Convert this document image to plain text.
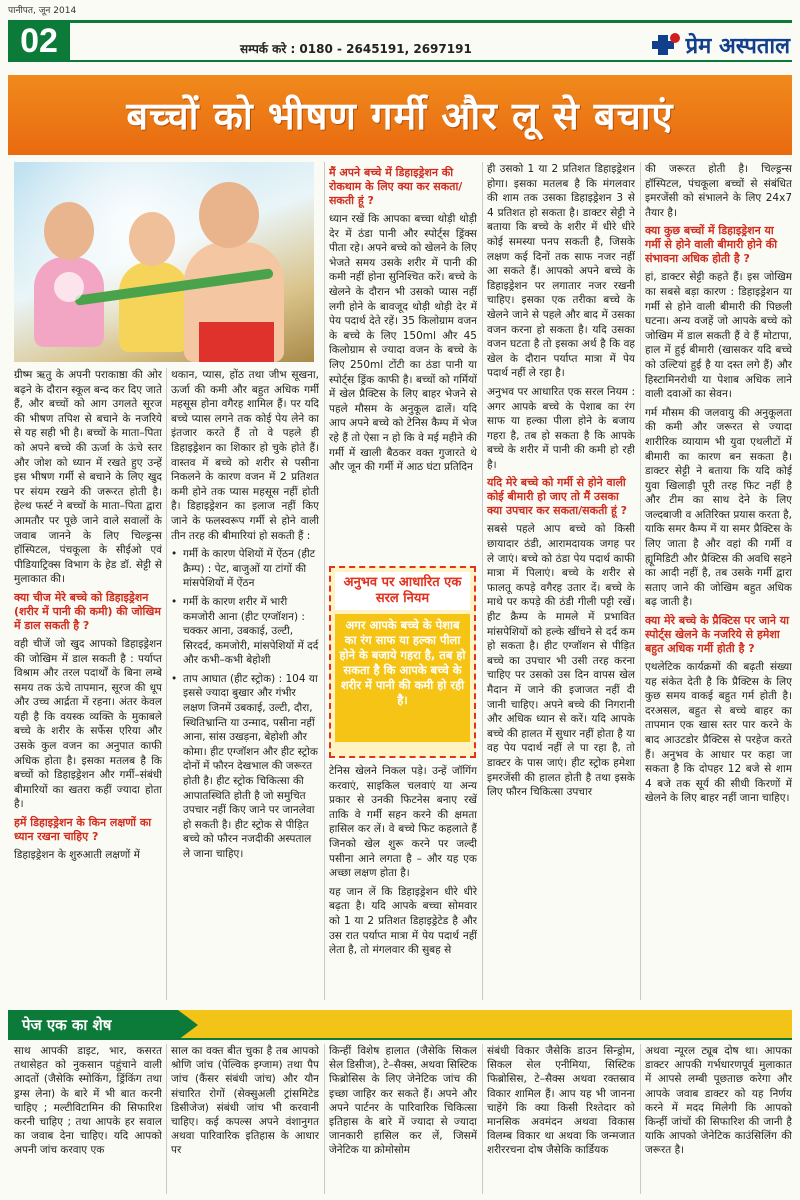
पानीपत, जून 2014
02	सम्पर्क करे : 0180 - 2645191, 2697191	प्रेम अस्पताल
बच्चों को भीषण गर्मी और लू से बचाएं

ग्रीष्म ऋतु के अपनी पराकाष्ठा की ओर बढ़ने के दौरान स्कूल बन्द कर दिए जाते हैं, और बच्चों को आग उगलते सूरज की भीषण तपिश से बचाने के नजरिये से यह सही भी है। बच्चों के माता–पिता को अपने बच्चे की ऊर्जा के ऊंचे स्तर और जोश को ध्यान में रखते हुए उन्हें इस भीषण गर्मी से बचाने के लिए खुद पर संयम रखने की जरूरत होती है। हेल्थ फर्स्ट ने बच्चों के माता–पिता द्वारा आमतौर पर पूछे जाने वाले सवालों के जवाब जानने के लिए चिल्ड्रन्स हॉस्पिटल, पंचकूला के सीईओ एवं पीडियाट्रिक्स विभाग के हेड डॉ. सेट्टी से मुलाकात की।

क्या चीज मेरे बच्चे को डिहाइड्रेशन (शरीर में पानी की कमी) की जोखिम में डाल सकती है ?

वही चीजें जो खुद आपको डिहाइड्रेशन की जोखिम में डाल सकती है : पर्याप्त विश्राम और तरल पदार्थों के बिना लम्बे समय तक ऊंचे तापमान, सूरज की धूप और उच्च आर्द्रता में रहना। अंतर केवल यही है कि वयस्क व्यक्ति के मुकाबले बच्चे के शरीर के सर्फेस एरिया और उसके कुल वजन का अनुपात काफी अधिक होता है। इसका मतलब है कि बच्चों को डिहाइड्रेशन और गर्मी–संबंधी बीमारियों का खतरा कहीं ज्यादा होता है।

हमें डिहाइड्रेशन के किन लक्षणों का ध्यान रखना चाहिए ?

डिहाइड्रेशन के शुरुआती लक्षणों में

थकान, प्यास, होंठ तथा जीभ सूखना, ऊर्जा की कमी और बहुत अधिक गर्मी महसूस होना वगैरह शामिल हैं। पर यदि बच्चे प्यास लगने तक कोई पेय लेने का इंतजार करते हैं तो वे पहले ही डिहाइड्रेशन का शिकार हो चुके होते हैं। वास्तव में बच्चे को शरीर से पसीना निकलने के कारण वजन में 2 प्रतिशत कमी होने तक प्यास महसूस नहीं होती है। डिहाइड्रेशन का इलाज नहीं किए जाने के फलस्वरूप गर्मी से होने वाली तीन तरह की बीमारियां हो सकती हैं :

• गर्मी के कारण पेशियों में ऐंठन (हीट क्रैम्प) : पेट, बाजुओं या टांगों की मांसपेशियों में ऐंठन
• गर्मी के कारण शरीर में भारी कमजोरी आना (हीट एग्जॉशन) : चक्कर आना, उबकाई, उल्टी, सिरदर्द, कमजोरी, मांसपेशियों में दर्द और कभी–कभी बेहोशी
• ताप आघात (हीट स्ट्रोक) : 104 या इससे ज्यादा बुखार और गंभीर लक्षण जिनमें उबकाई, उल्टी, दौरा, स्थितिभ्रान्ति या उन्माद, पसीना नहीं आना, सांस उखड़ना, बेहोशी और कोमा। हीट एग्जॉशन और हीट स्ट्रोक दोनों में फौरन देखभाल की जरूरत होती है। हीट स्ट्रोक चिकित्सा की आपातस्थिति होती है जो समुचित उपचार नहीं किए जाने पर जानलेवा हो सकती है। हीट स्ट्रोक से पीड़ित बच्चे को फौरन नजदीकी अस्पताल ले जाना चाहिए।
मैं अपने बच्चे में डिहाइड्रेशन की रोकथाम के लिए क्या कर सकता/सकती हूं ?

ध्यान रखें कि आपका बच्चा थोड़ी थोड़ी देर में ठंडा पानी और स्पोर्ट्स ड्रिंक्स पीता रहे। अपने बच्चे को खेलने के लिए भेजते समय उसके शरीर में पानी की कमी नहीं होना सुनिश्चित करें। बच्चे के खेलने के दौरान भी उसको प्यास नहीं लगी होने के बावजूद थोड़ी थोड़ी देर में पेय पदार्थ देते रहें। 35 किलोग्राम वजन के बच्चे के लिए 150ml और 45 किलोग्राम से ज्यादा वजन के बच्चे के लिए 250ml टोंटी का ठंडा पानी या स्पोर्ट्स ड्रिंक काफी है। बच्चों को गर्मियों में खेल प्रैक्टिस के लिए बाहर भेजने से पहले मौसम के अनुकूल ढालें। यदि आप अपने बच्चे को टेनिस कैम्प में भेज रहे हैं तो ऐसा न हो कि वे मई महीने की गर्मी में खाली बैठकर वक्त गुजारते थे और जून की गर्मी में आठ घंटा प्रतिदिन

अनुभव पर आधारित एक सरल नियम
अगर आपके बच्चे के पेशाब का रंग साफ या हल्का पीला होने के बजाये गहरा है, तब हो सकता है कि आपके बच्चे के शरीर में पानी की कमी हो रही है।

टेनिस खेलने निकल पड़े। उन्हें जॉगिंग करवाएं, साइकिल चलवाएं या अन्य प्रकार से उनकी फिटनेस बनाए रखें ताकि वे गर्मी सहन करने की क्षमता हासिल कर लें। वे बच्चे फिट कहलाते हैं जिनको खेल शुरू करने पर जल्दी पसीना आने लगता है – और यह एक अच्छा लक्षण होता है।

यह जान लें कि डिहाइड्रेशन धीरे धीरे बढ़ता है। यदि आपके बच्चा सोमवार को 1 या 2 प्रतिशत डिहाइड्रेटेड है और उस रात पर्याप्त मात्रा में पेय पदार्थ नहीं लेता है, तो मंगलवार की सुबह से

ही उसको 1 या 2 प्रतिशत डिहाइड्रेशन होगा। इसका मतलब है कि मंगलवार की शाम तक उसका डिहाइड्रेशन 3 से 4 प्रतिशत हो सकता है। डाक्टर सेट्टी ने बताया कि बच्चे के शरीर में धीरे धीरे कोई समस्या पनप सकती है, जिसके लक्षण कई दिनों तक साफ नजर नहीं आ सकते हैं। आपको अपने बच्चे के डिहाइड्रेशन पर लगातार नजर रखनी चाहिए। इसका एक तरीका बच्चे के खेलने जाने से पहले और बाद में उसका वजन करना हो सकता है। यदि उसका वजन घटता है तो इसका अर्थ है कि वह खेल के दौरान पर्याप्त मात्रा में पेय पदार्थ नहीं ले रहा है।

अनुभव पर आधारित एक सरल नियम : अगर आपके बच्चे के पेशाब का रंग साफ या हल्का पीला होने के बजाय गहरा है, तब हो सकता है कि आपके बच्चे के शरीर में पानी की कमी हो रही है।

यदि मेरे बच्चे को गर्मी से होने वाली कोई बीमारी हो जाए तो मैं उसका क्या उपचार कर सकता/सकती हूं ?

सबसे पहले आप बच्चे को किसी छायादार ठंडी, आरामदायक जगह पर ले जाएं। बच्चे को ठंडा पेय पदार्थ काफी मात्रा में पिलाएं। बच्चे के शरीर से फालतू कपड़े वगैरह उतार दें। बच्चे के माथे पर कपड़े की ठंडी गीली पट्टी रखें। हीट क्रैम्प के मामले में प्रभावित मांसपेशियों को हल्के खींचने से दर्द कम हो सकता है। हीट एग्जॉशन से पीड़ित बच्चे का उपचार भी उसी तरह करना चाहिए पर उसको उस दिन वापस खेल मैदान में जाने की इजाजत नहीं दी जानी चाहिए। अपने बच्चे की निगरानी और अधिक ध्यान से करें। यदि आपके बच्चे की हालत में सुधार नहीं होता है या वह पेय पदार्थ नहीं ले पा रहा है, तो डाक्टर के पास जाएं। हीट स्ट्रोक हमेशा इमरजेंसी की हालत होती है तथा इसके लिए फौरन चिकित्सा उपचार

की जरूरत होती है। चिल्ड्रन्स हॉस्पिटल, पंचकूला बच्चों से संबंधित इमरजेंसी को संभालने के लिए 24x7 तैयार है।

क्या कुछ बच्चों में डिहाइड्रेशन या गर्मी से होने वाली बीमारी होने की संभावना अधिक होती है ?

हां, डाक्टर सेट्टी कहते हैं। इस जोखिम का सबसे बड़ा कारण : डिहाइड्रेशन या गर्मी से होने वाली बीमारी की पिछली घटना। अन्य वजहें जो आपके बच्चे को जोखिम में डाल सकती हैं वे हैं मोटापा, हाल में हुई बीमारी (खासकर यदि बच्चे को उल्टियां हुई है या दस्त लगे हैं) और हिस्टामिनरोधी या पेशाब अधिक लाने वाली दवाओं का सेवन।

गर्म मौसम की जलवायु की अनुकूलता की कमी और जरूरत से ज्यादा शारीरिक व्यायाम भी युवा एथलीटों में बीमारी का कारण बन सकता है। डाक्टर सेट्टी ने बताया कि यदि कोई युवा खिलाड़ी पूरी तरह फिट नहीं है और टीम का साथ देने के लिए जल्दबाजी व अतिरिक्त प्रयास करता है, याकि समर कैम्प में या समर प्रैक्टिस के लिए जाता है और वहां की गर्मी व ह्यूमिडिटी और प्रैक्टिस की अवधि सहने का आदी नहीं है, तब उसके गर्मी द्वारा सताए जाने की जोखिम बहुत अधिक बढ़ जाती है।

क्या मेरे बच्चे के प्रैक्टिस पर जाने या स्पोर्ट्स खेलने के नजरिये से हमेशा बहुत अधिक गर्मी होती है ?

एथलेटिक कार्यक्रमों की बढ़ती संख्या यह संकेत देती है कि प्रैक्टिस के लिए कुछ समय वाकई बहुत गर्म होती है। दरअसल, बहुत से बच्चे बाहर का तापमान एक खास स्तर पार करने के बाद आउटडोर प्रैक्टिस से परहेज करते हैं। अनुभव के आधार पर कहा जा सकता है कि दोपहर 12 बजे से शाम 4 बजे तक सूर्य की सीधी किरणों में खेलने के लिए बाहर नहीं जाना चाहिए।

पेज एक का शेष

साथ आपकी डाइट, भार, कसरत तथासेहत को नुकसान पहुंचाने वाली आदतों (जैसेकि स्मोकिंग, ड्रिंकिंग तथा ड्रग्स लेना) के बारे में भी बात करनी चाहिए ; मल्टीविटामिन की सिफारिश करनी चाहिए ; तथा आपके हर सवाल का जवाब देना चाहिए। यदि आपको अपनी जांच करवाए एक

साल का वक्त बीत चुका है तब आपको श्रोणि जांच (पेल्विक इग्जाम) तथा पैप जांच (कैंसर संबंधी जांच) और यौन संचारित रोगों (सेक्सुअली ट्रांसमिटेड डिसीजेज) संबंधी जांच भी करवानी चाहिए। कई कपल्स अपने वंशानुगत अथवा पारिवारिक इतिहास के आधार पर

किन्हीं विशेष हालात (जैसेकि सिकल सेल डिसीज), टे–सैक्स, अथवा सिस्टिक फिब्रोसिस के लिए जेनेटिक जांच की इच्छा जाहिर कर सकते हैं। अपने और अपने पार्टनर के पारिवारिक चिकित्सा इतिहास के बारे में ज्यादा से ज्यादा जानकारी हासिल कर लें, जिसमें जेनेटिक या क्रोमोसोम

संबंधी विकार जैसेकि डाउन सिन्ड्रोम, सिकल सेल एनीमिया, सिस्टिक फिब्रोसिस, टे–सैक्स अथवा रक्तस्राव विकार शामिल हैं। आप यह भी जानना चाहेंगे कि क्या किसी रिश्तेदार को मानसिक अवमंदन अथवा विकास विलम्ब विकार था अथवा कि जन्मजात शरीररचना दोष जैसेकि कार्डियक

अथवा न्यूरल ट्यूब दोष था। आपका डाक्टर आपकी गर्भधारणपूर्व मुलाकात में आपसे लम्बी पूछताछ करेगा और आपके जवाब डाक्टर को यह निर्णय करने में मदद मिलेगी कि आपको किन्हीं जांचों की सिफारिश की जानी है याकि आपको जेनेटिक काउंसिलिंग की जरूरत है।
